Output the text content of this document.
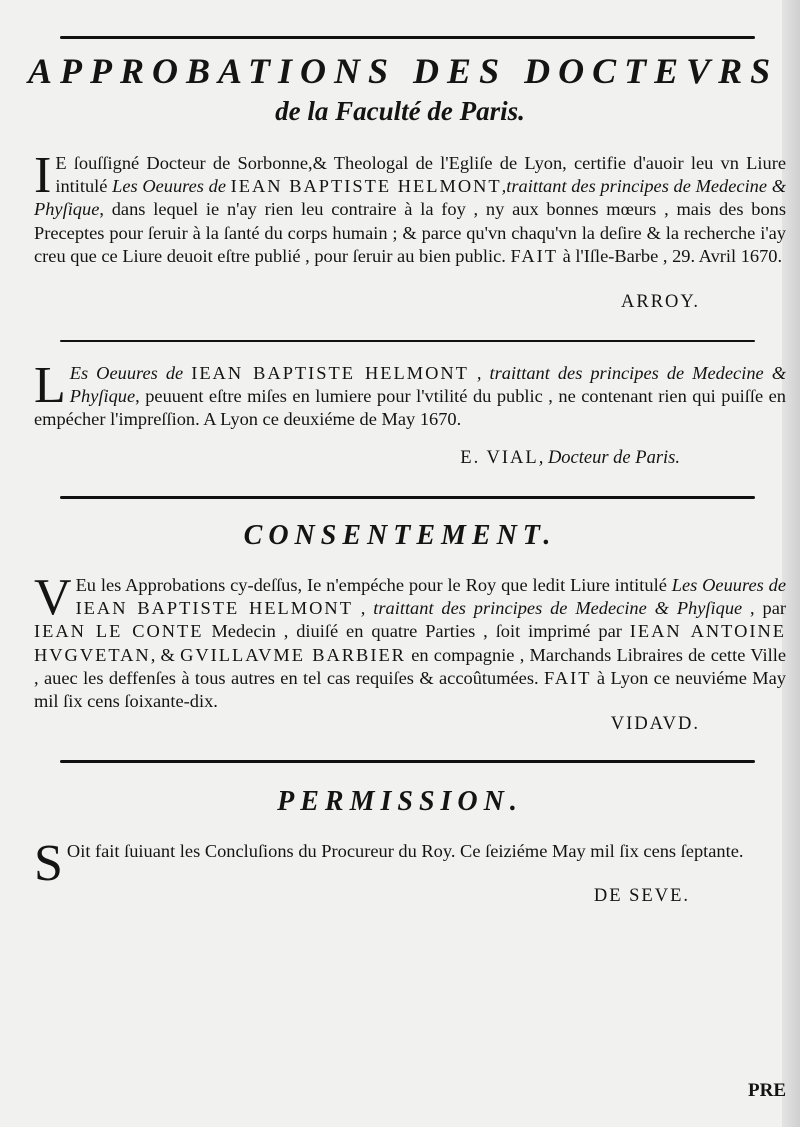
APPROBATIONS DES DOCTEVRS
de la Faculté de Paris.
I E ſouſſigné Docteur de Sorbonne,& Theologal de l'Egliſe de Lyon, certifie d'auoir leu vn Liure intitulé Les Oeuures de IEAN BAPTISTE HELMONT,traittant des principes de Medecine & Phyſique, dans lequel ie n'ay rien leu contraire à la foy , ny aux bonnes mœurs , mais des bons Preceptes pour ſeruir à la ſanté du corps humain ; & parce qu'vn chaqu'vn la deſire & la recherche i'ay creu que ce Liure deuoit eſtre publié , pour ſeruir au bien public. FAIT à l'Iſle-Barbe , 29. Avril 1670.
ARROY.
L Es Oeuures de IEAN BAPTISTE HELMONT , traittant des principes de Medecine & Phyſique, peuuent eſtre miſes en lumiere pour l'vtilité du public , ne contenant rien qui puiſſe en empécher l'impreſſion. A Lyon ce deuxiéme de May 1670.
E. VIAL, Docteur de Paris.
CONSENTEMENT.
V Eu les Approbations cy-deſſus, Ie n'empéche pour le Roy que ledit Liure intitulé Les Oeuures de IEAN BAPTISTE HELMONT , traittant des principes de Medecine & Phyſique , par IEAN LE CONTE Medecin , diuiſé en quatre Parties , ſoit imprimé par IEAN ANTOINE HVGVETAN, & GVILLAVME BARBIER en compagnie , Marchands Libraires de cette Ville , auec les deffenſes à tous autres en tel cas requiſes & accoûtumées. FAIT à Lyon ce neuviéme May mil ſix cens ſoixante-dix.
VIDAVD.
PERMISSION.
S Oit fait ſuiuant les Concluſions du Procureur du Roy. Ce ſeiziéme May mil ſix cens ſeptante.
DE SEVE.
PRE
